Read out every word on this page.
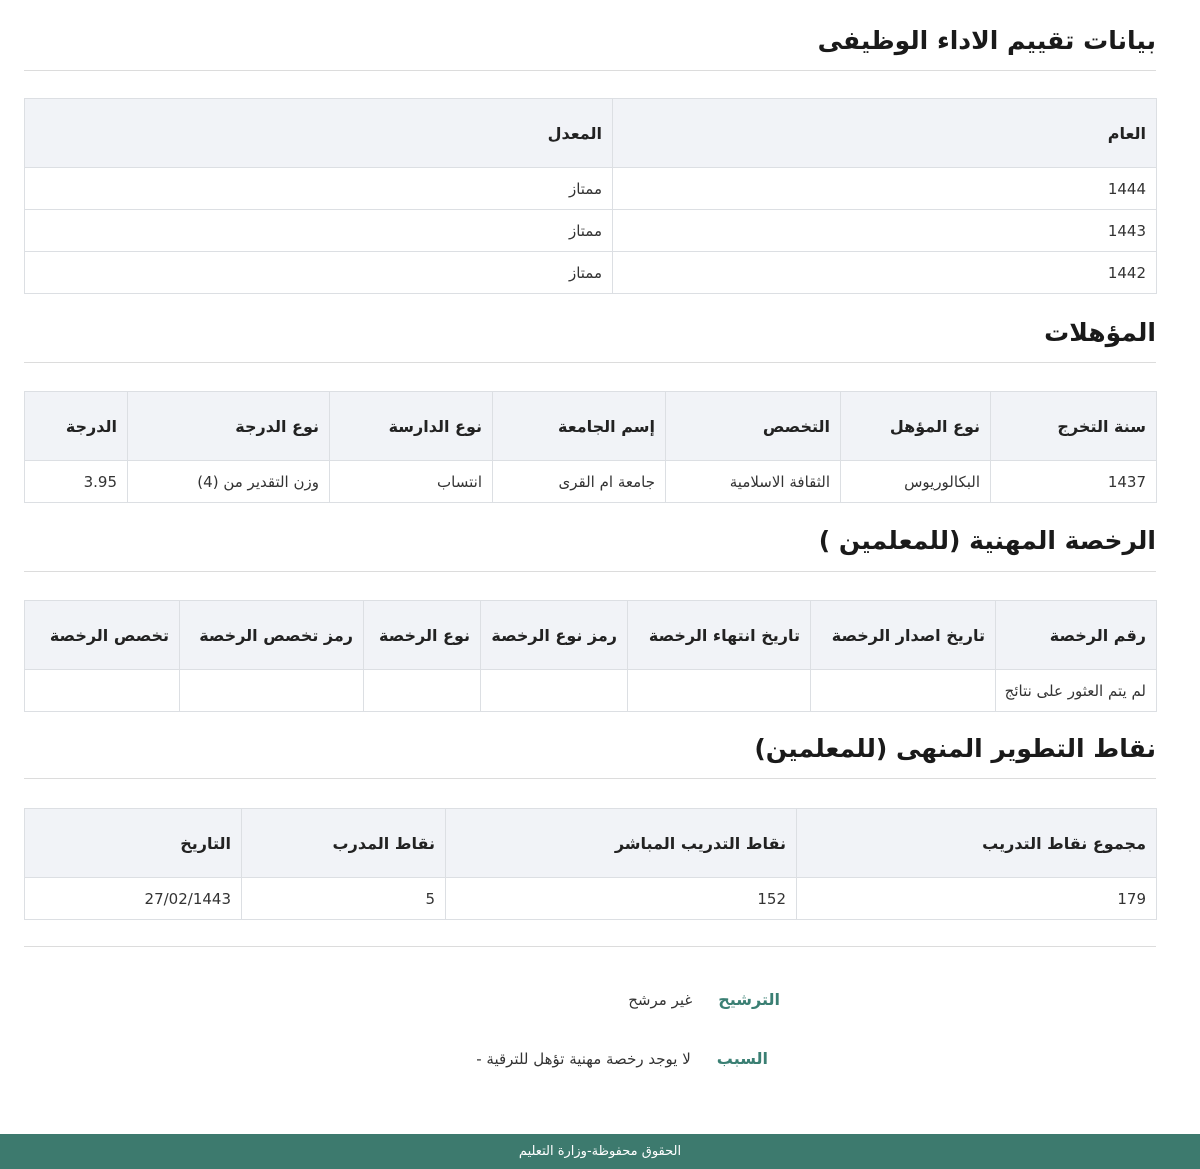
بيانات تقييم الاداء الوظيفى
العام	المعدل
1444	ممتاز
1443	ممتاز
1442	ممتاز
المؤهلات
سنة التخرج	نوع المؤهل	التخصص	إسم الجامعة	نوع الدارسة	نوع الدرجة	الدرجة
1437	البكالوريوس	الثقافة الاسلامية	جامعة ام القرى	انتساب	وزن التقدير من (4)	3.95
الرخصة المهنية (للمعلمين )
رقم الرخصة	تاريخ اصدار الرخصة	تاريخ انتهاء الرخصة	رمز نوع الرخصة	نوع الرخصة	رمز تخصص الرخصة	تخصص الرخصة
لم يتم العثور على نتائج						
نقاط التطوير المنهى (للمعلمين)
مجموع نقاط التدريب	نقاط التدريب المباشر	نقاط المدرب	التاريخ
179	152	5	27/02/1443
الترشيح
غير مرشح
السبب
لا يوجد رخصة مهنية تؤهل للترقية -
الحقوق محفوظة-وزارة التعليم
